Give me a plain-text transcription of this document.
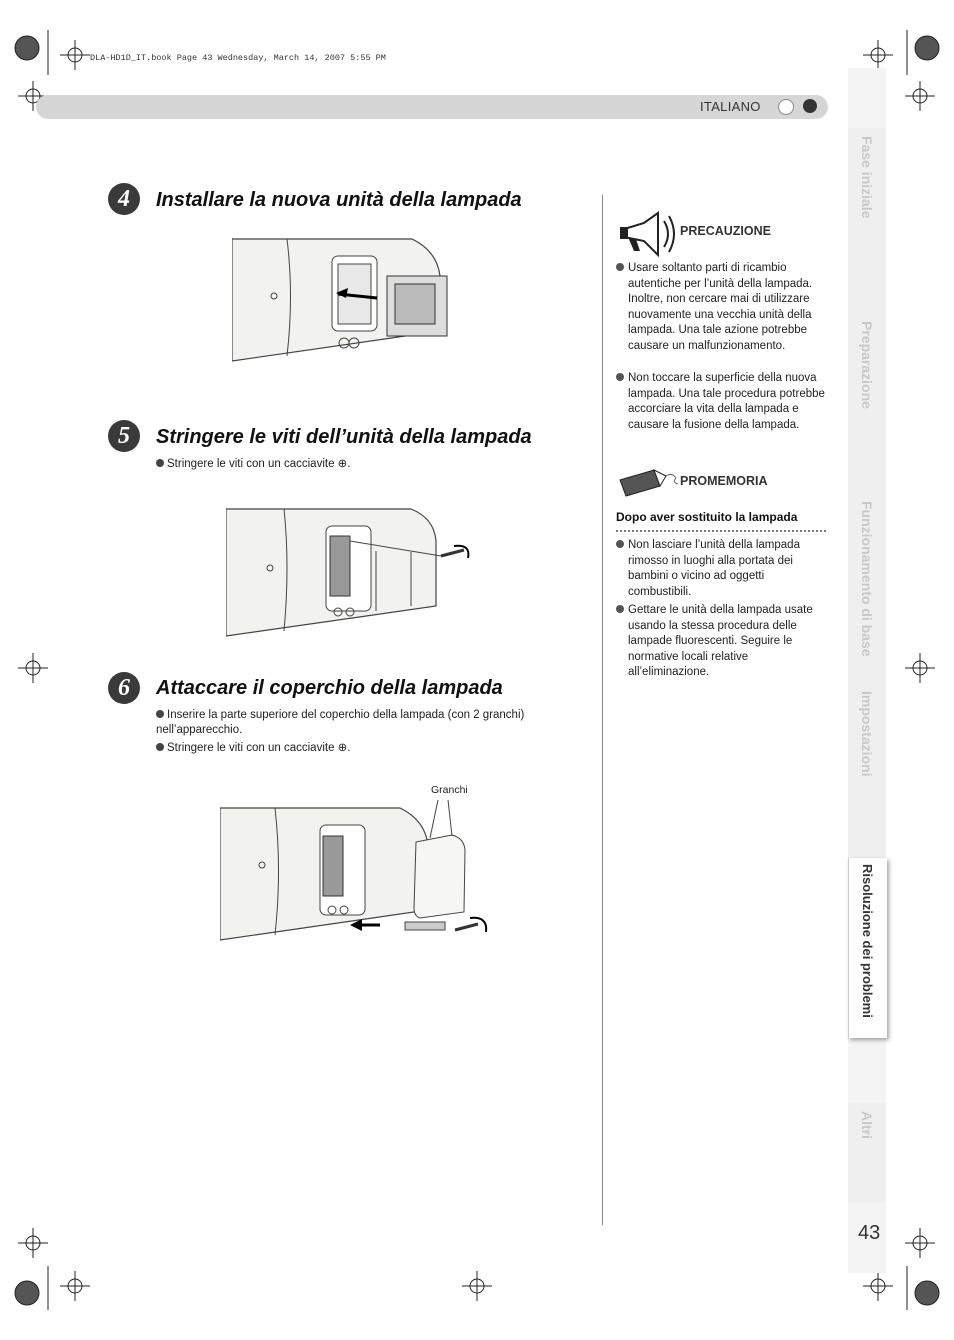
DLA-HD1D_IT.book Page 43 Wednesday, March 14, 2007 5:55 PM
ITALIANO
Fase iniziale
Preparazione
Funzionamento di base
Impostazioni
Risoluzione dei problemi
Altri
43
4	Installare la nuova unità della lampada
5	Stringere le viti dell’unità della lampada
Stringere le viti con un cacciavite ⊕.
6	Attaccare il coperchio della lampada
Inserire la parte superiore del coperchio della lampada (con 2 granchi) nell’apparecchio.
Stringere le viti con un cacciavite ⊕.
Granchi
PRECAUZIONE
Usare soltanto parti di ricambio autentiche per l’unità della lampada. Inoltre, non cercare mai di utilizzare nuovamente una vecchia unità della lampada. Una tale azione potrebbe causare un malfunzionamento.
Non toccare la superficie della nuova lampada. Una tale procedura potrebbe accorciare la vita della lampada e causare la fusione della lampada.
PROMEMORIA
Dopo aver sostituito la lampada
Non lasciare l’unità della lampada rimosso in luoghi alla portata dei bambini o vicino ad oggetti combustibili.
Gettare le unità della lampada usate usando la stessa procedura delle lampade fluorescenti. Seguire le normative locali relative all’eliminazione.
